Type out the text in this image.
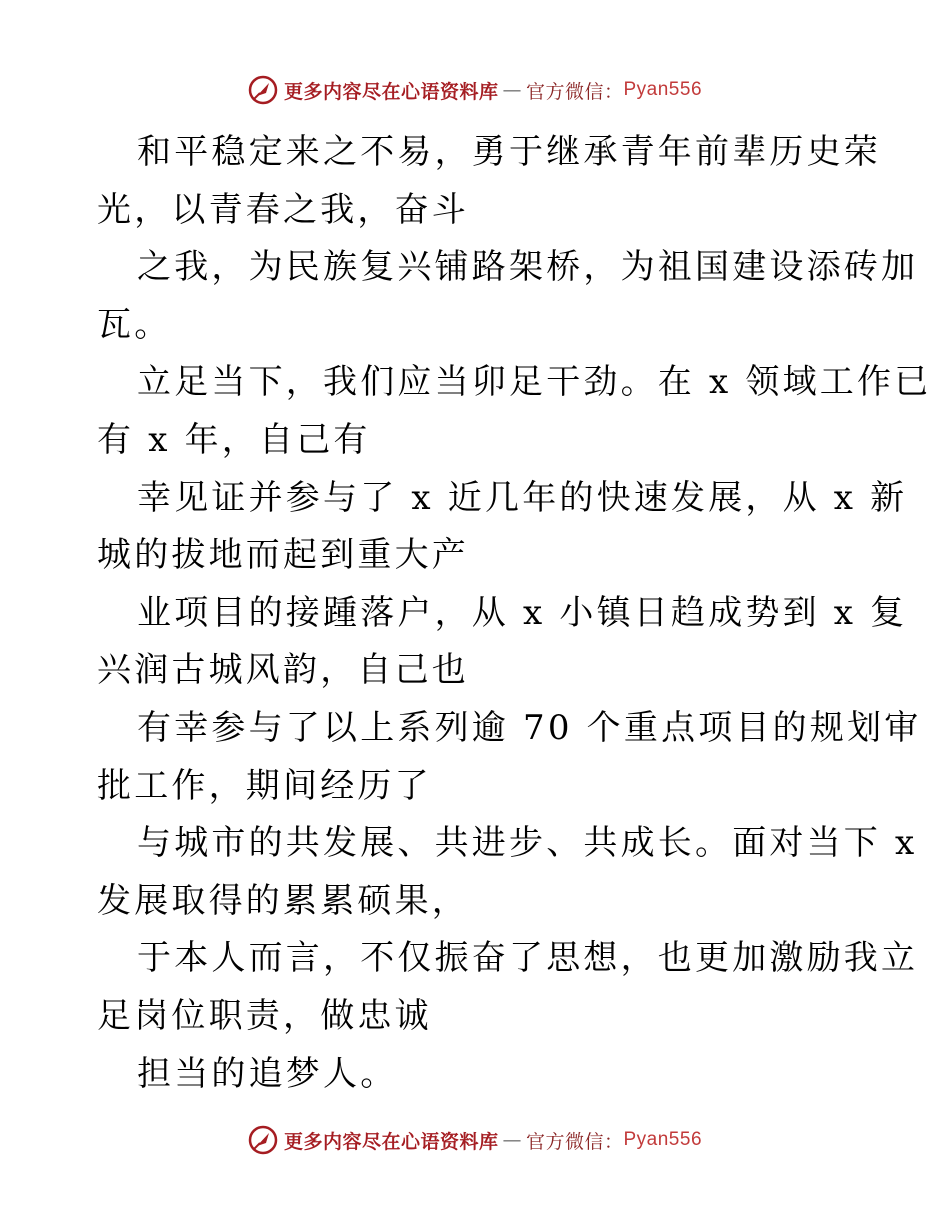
更多内容尽在心语资料库 — 官方微信： Pyan556
和平稳定来之不易，勇于继承青年前辈历史荣
光，以青春之我，奋斗
之我，为民族复兴铺路架桥，为祖国建设添砖加
瓦。
立足当下，我们应当卯足干劲。在 x 领域工作已
有 x 年，自己有
幸见证并参与了 x 近几年的快速发展，从 x 新
城的拔地而起到重大产
业项目的接踵落户，从 x 小镇日趋成势到 x 复
兴润古城风韵，自己也
有幸参与了以上系列逾 70 个重点项目的规划审
批工作，期间经历了
与城市的共发展、共进步、共成长。面对当下 x
发展取得的累累硕果，
于本人而言，不仅振奋了思想，也更加激励我立
足岗位职责，做忠诚
担当的追梦人。
更多内容尽在心语资料库 — 官方微信： Pyan556
